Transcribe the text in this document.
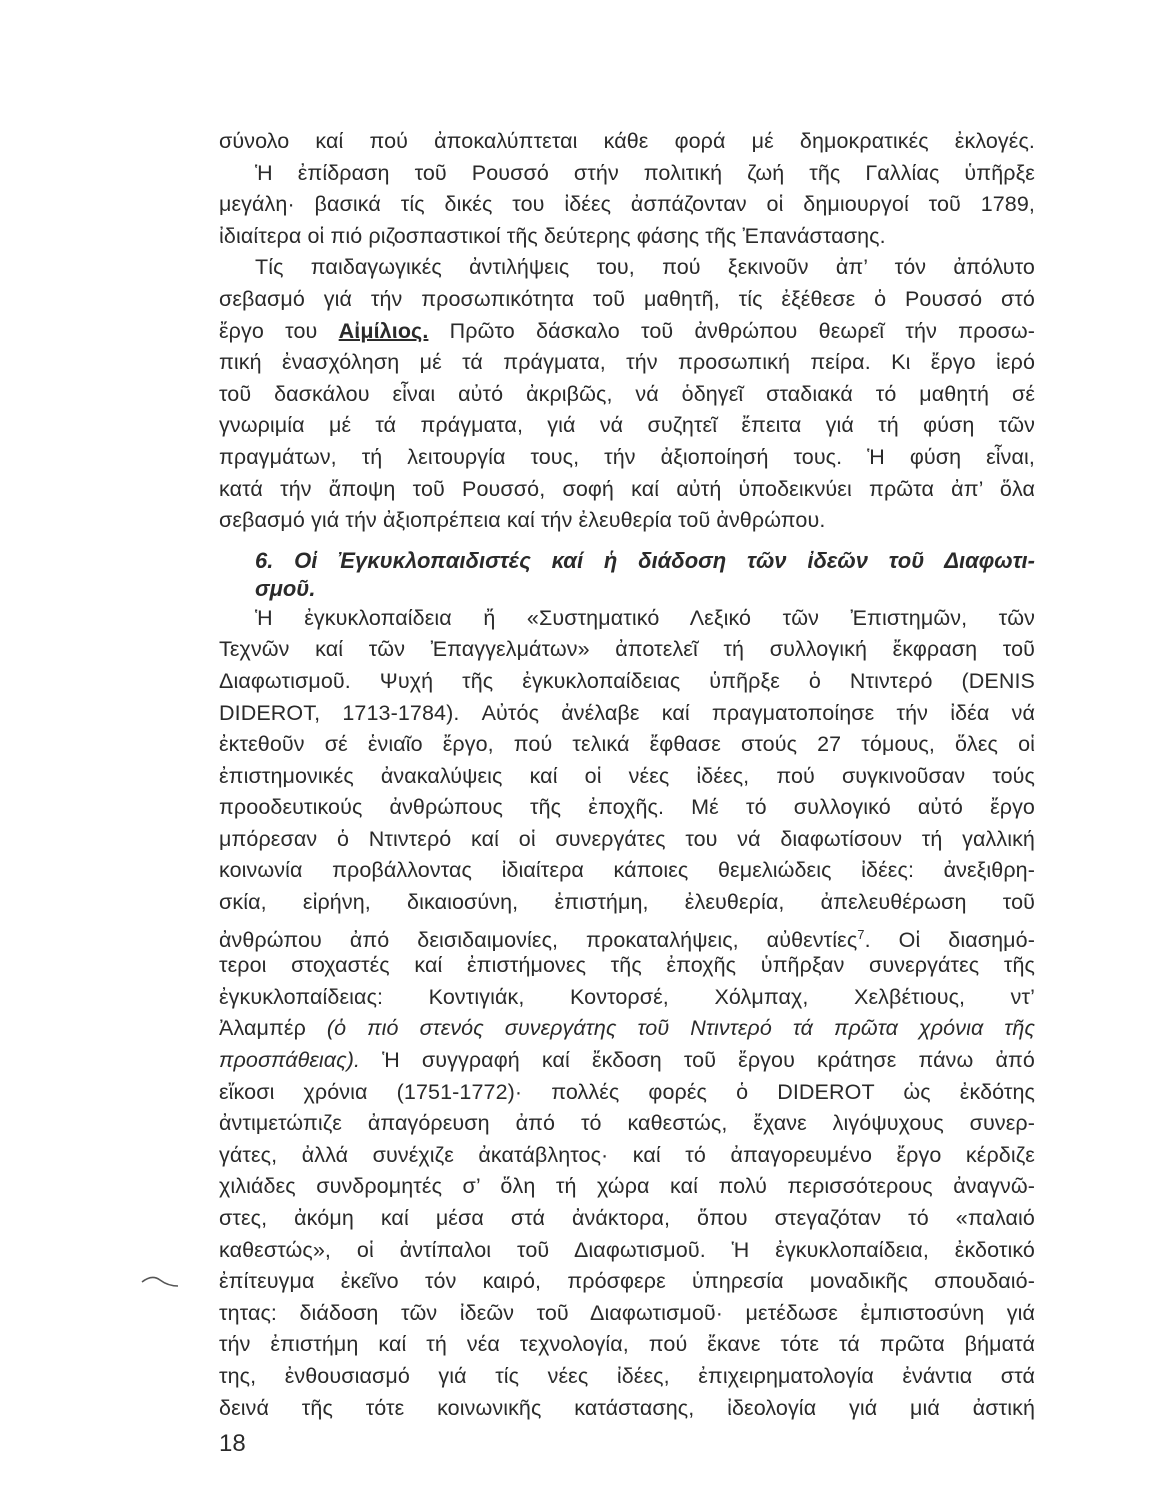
σύνολο καί πού ἀποκαλύπτεται κάθε φορά μέ δημοκρατικές ἐκλογές.
Ἡ ἐπίδραση τοῦ Ρουσσό στήν πολιτική ζωή τῆς Γαλλίας ὑπῆρξε
μεγάλη· βασικά τίς δικές του ἰδέες ἀσπάζονταν οἱ δημιουργοί τοῦ 1789,
ἰδιαίτερα οἱ πιό ριζοσπαστικοί τῆς δεύτερης φάσης τῆς Ἐπανάστασης.
Τίς παιδαγωγικές ἀντιλήψεις του, πού ξεκινοῦν ἀπ’ τόν ἀπόλυτο
σεβασμό γιά τήν προσωπικότητα τοῦ μαθητῆ, τίς ἐξέθεσε ὁ Ρουσσό στό
ἔργο του Αἰμίλιος. Πρῶτο δάσκαλο τοῦ ἀνθρώπου θεωρεῖ τήν προσω-
πική ἐνασχόληση μέ τά πράγματα, τήν προσωπική πείρα. Κι ἔργο ἱερό
τοῦ δασκάλου εἶναι αὐτό ἀκριβῶς, νά ὁδηγεῖ σταδιακά τό μαθητή σέ
γνωριμία μέ τά πράγματα, γιά νά συζητεῖ ἔπειτα γιά τή φύση τῶν
πραγμάτων, τή λειτουργία τους, τήν ἀξιοποίησή τους. Ἡ φύση εἶναι,
κατά τήν ἄποψη τοῦ Ρουσσό, σοφή καί αὐτή ὑποδεικνύει πρῶτα ἀπ’ ὅλα
σεβασμό γιά τήν ἀξιοπρέπεια καί τήν ἐλευθερία τοῦ ἀνθρώπου.
6. Οἱ Ἐγκυκλοπαιδιστές καί ἡ διάδοση τῶν ἰδεῶν τοῦ Διαφωτι-
σμοῦ.
Ἡ ἐγκυκλοπαίδεια ἤ «Συστηματικό Λεξικό τῶν Ἐπιστημῶν, τῶν
Τεχνῶν καί τῶν Ἐπαγγελμάτων» ἀποτελεῖ τή συλλογική ἔκφραση τοῦ
Διαφωτισμοῦ. Ψυχή τῆς ἐγκυκλοπαίδειας ὑπῆρξε ὁ Ντιντερό (DENIS
DIDEROT, 1713-1784). Αὐτός ἀνέλαβε καί πραγματοποίησε τήν ἰδέα νά
ἐκτεθοῦν σέ ἑνιαῖο ἔργο, πού τελικά ἔφθασε στούς 27 τόμους, ὅλες οἱ
ἐπιστημονικές ἀνακαλύψεις καί οἱ νέες ἰδέες, πού συγκινοῦσαν τούς
προοδευτικούς ἀνθρώπους τῆς ἐποχῆς. Μέ τό συλλογικό αὐτό ἔργο
μπόρεσαν ὁ Ντιντερό καί οἱ συνεργάτες του νά διαφωτίσουν τή γαλλική
κοινωνία προβάλλοντας ἰδιαίτερα κάποιες θεμελιώδεις ἰδέες: ἀνεξιθρη-
σκία, εἰρήνη, δικαιοσύνη, ἐπιστήμη, ἐλευθερία, ἀπελευθέρωση τοῦ
ἀνθρώπου ἀπό δεισιδαιμονίες, προκαταλήψεις, αὐθεντίες$^7$. Οἱ διασημό-
τεροι στοχαστές καί ἐπιστήμονες τῆς ἐποχῆς ὑπῆρξαν συνεργάτες τῆς
ἐγκυκλοπαίδειας: Κοντιγιάκ, Κοντορσέ, Χόλμπαχ, Χελβέτιους, ντ’
Ἀλαμπέρ (ὁ πιό στενός συνεργάτης τοῦ Ντιντερό τά πρῶτα χρόνια τῆς
προσπάθειας). Ἡ συγγραφή καί ἔκδοση τοῦ ἔργου κράτησε πάνω ἀπό
εἴκοσι χρόνια (1751-1772)· πολλές φορές ὁ DIDEROT ὡς ἐκδότης
ἀντιμετώπιζε ἀπαγόρευση ἀπό τό καθεστώς, ἔχανε λιγόψυχους συνερ-
γάτες, ἀλλά συνέχιζε ἀκατάβλητος· καί τό ἀπαγορευμένο ἔργο κέρδιζε
χιλιάδες συνδρομητές σ’ ὅλη τή χώρα καί πολύ περισσότερους ἀναγνῶ-
στες, ἀκόμη καί μέσα στά ἀνάκτορα, ὅπου στεγαζόταν τό «παλαιό
καθεστώς», οἱ ἀντίπαλοι τοῦ Διαφωτισμοῦ. Ἡ ἐγκυκλοπαίδεια, ἐκδοτικό
ἐπίτευγμα ἐκεῖνο τόν καιρό, πρόσφερε ὑπηρεσία μοναδικῆς σπουδαιό-
τητας: διάδοση τῶν ἰδεῶν τοῦ Διαφωτισμοῦ· μετέδωσε ἐμπιστοσύνη γιά
τήν ἐπιστήμη καί τή νέα τεχνολογία, πού ἔκανε τότε τά πρῶτα βήματά
της, ἐνθουσιασμό γιά τίς νέες ἰδέες, ἐπιχειρηματολογία ἐνάντια στά
δεινά τῆς τότε κοινωνικῆς κατάστασης, ἰδεολογία γιά μιά ἀστική
18
